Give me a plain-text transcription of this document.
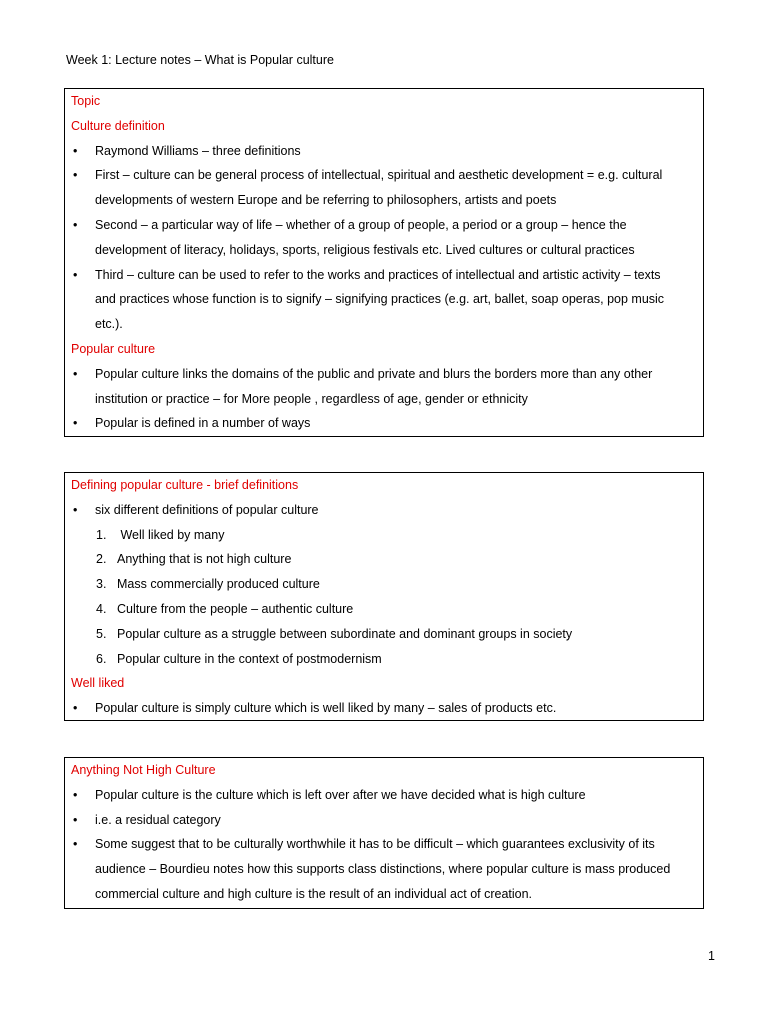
Week 1: Lecture notes – What is Popular culture
Topic
Culture definition
• Raymond Williams – three definitions
• First – culture can be general process of intellectual, spiritual and aesthetic development = e.g. cultural
developments of western Europe and be referring to philosophers, artists and poets
• Second – a particular way of life – whether of a group of people, a period or a group – hence the
development of literacy, holidays, sports, religious festivals etc. Lived cultures or cultural practices
• Third – culture can be used to refer to the works and practices of intellectual and artistic activity – texts
and practices whose function is to signify – signifying practices (e.g. art, ballet, soap operas, pop music
etc.).
Popular culture
• Popular culture links the domains of the public and private and blurs the borders more than any other
institution or practice – for More people , regardless of age, gender or ethnicity
• Popular is defined in a number of ways
Defining popular culture - brief definitions
• six different definitions of popular culture
1. Well liked by many
2. Anything that is not high culture
3. Mass commercially produced culture
4. Culture from the people – authentic culture
5. Popular culture as a struggle between subordinate and dominant groups in society
6. Popular culture in the context of postmodernism
Well liked
• Popular culture is simply culture which is well liked by many – sales of products etc.
Anything Not High Culture
• Popular culture is the culture which is left over after we have decided what is high culture
• i.e. a residual category
• Some suggest that to be culturally worthwhile it has to be difficult – which guarantees exclusivity of its
audience – Bourdieu notes how this supports class distinctions, where popular culture is mass produced
commercial culture and high culture is the result of an individual act of creation.
1
